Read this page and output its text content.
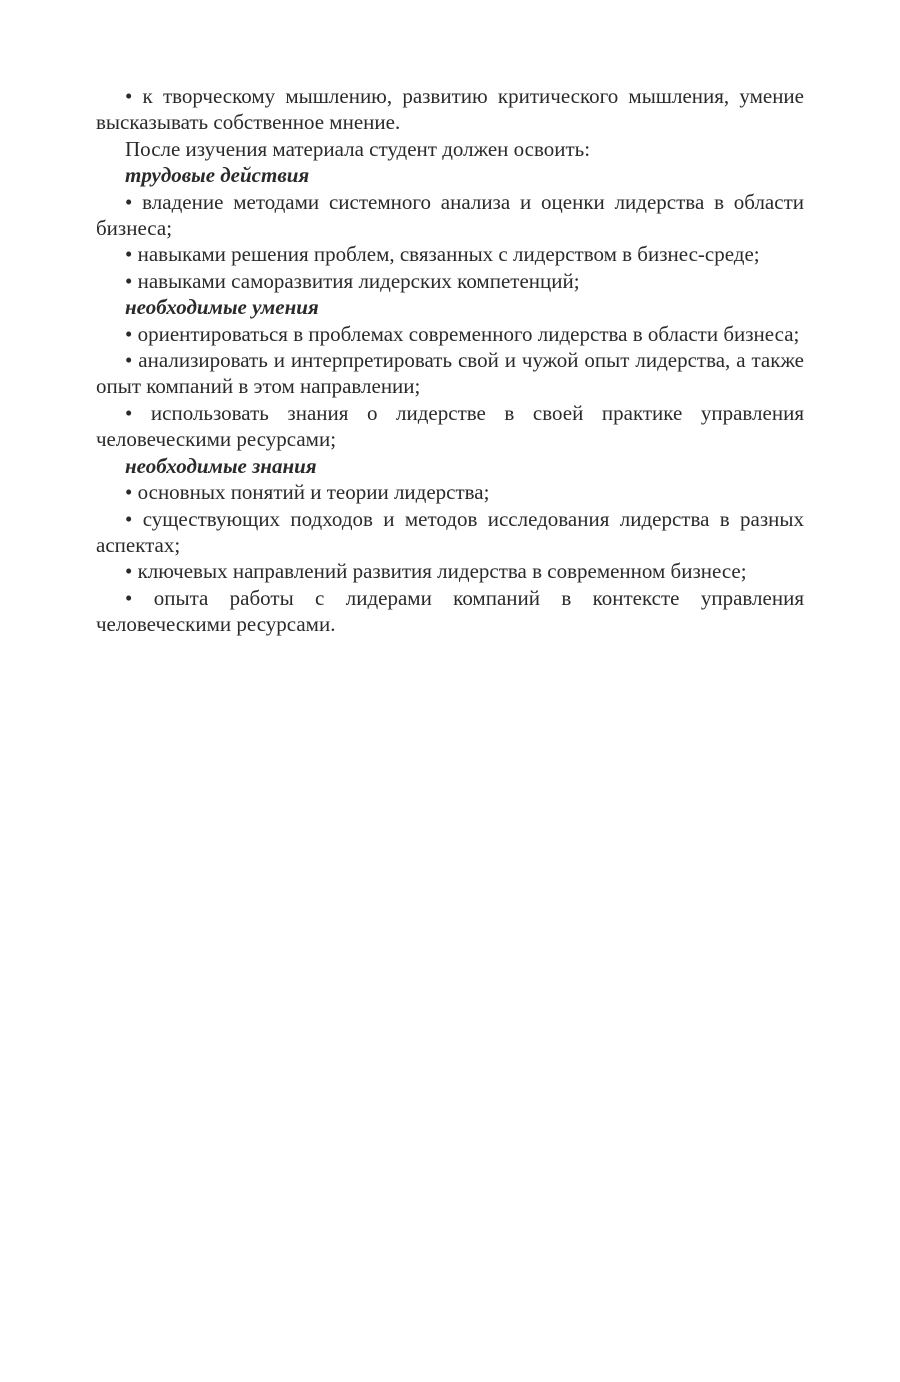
• к творческому мышлению, развитию критического мышления, умение высказывать собственное мнение.

После изучения материала студент должен освоить:

трудовые действия

• владение методами системного анализа и оценки лидерства в области бизнеса;

• навыками решения проблем, связанных с лидерством в бизнес-среде;

• навыками саморазвития лидерских компетенций;

необходимые умения

• ориентироваться в проблемах современного лидерства в области бизнеса;

• анализировать и интерпретировать свой и чужой опыт лидерства, а также опыт компаний в этом направлении;

• использовать знания о лидерстве в своей практике управления человеческими ресурсами;

необходимые знания

• основных понятий и теории лидерства;

• существующих подходов и методов исследования лидерства в разных аспектах;

• ключевых направлений развития лидерства в современном бизнесе;

• опыта работы с лидерами компаний в контексте управления человеческими ресурсами.
